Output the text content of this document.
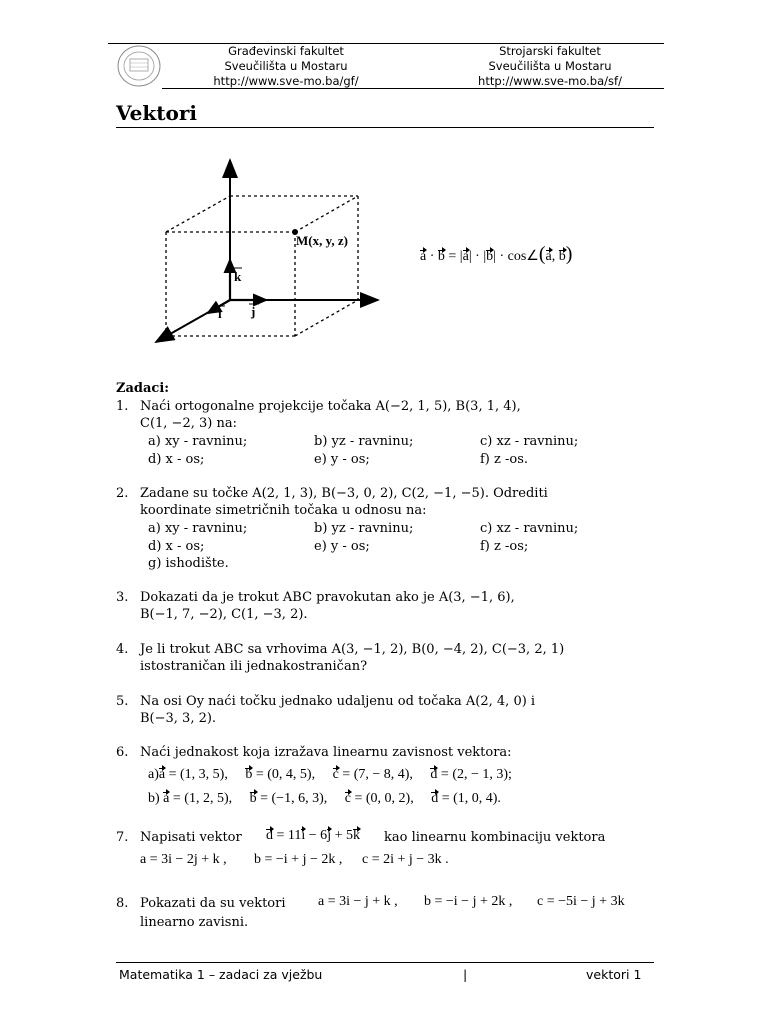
Građevinski fakultet
Sveučilišta u Mostaru
http://www.sve-mo.ba/gf/
Strojarski fakultet
Sveučilišta u Mostaru
http://www.sve-mo.ba/sf/
Vektori
M(x, y, z)
k
i j
a · b = |a| · |b| · cos∠(a, b)
Zadaci:
1. Naći ortogonalne projekcije točaka A(−2, 1, 5), B(3, 1, 4),
C(1, −2, 3) na:
a) xy - ravninu;	b) yz - ravninu;	c) xz - ravninu;
d) x - os;	e) y - os;	f) z -os.
2. Zadane su točke A(2, 1, 3), B(−3, 0, 2), C(2, −1, −5). Odrediti
koordinate simetričnih točaka u odnosu na:
a) xy - ravninu;	b) yz - ravninu;	c) xz - ravninu;
d) x - os;	e) y - os;	f) z -os;
g) ishodište.
3. Dokazati da je trokut ABC pravokutan ako je A(3, −1, 6),
B(−1, 7, −2), C(1, −3, 2).
4. Je li trokut ABC sa vrhovima A(3, −1, 2), B(0, −4, 2), C(−3, 2, 1)
istostraničan ili jednakostraničan?
5. Na osi Oy naći točku jednako udaljenu od točaka A(2, 4, 0) i
B(−3, 3, 2).
6. Naći jednakost koja izražava linearnu zavisnost vektora:
a)a = (1, 3, 5), b = (0, 4, 5), c = (7, − 8, 4), d = (2, − 1, 3);
b) a = (1, 2, 5), b = (−1, 6, 3), c = (0, 0, 2), d = (1, 0, 4).
7. Napisati vektor d = 11i − 6j + 5k kao linearnu kombinaciju vektora
a = 3i − 2j + k , b = −i + j − 2k , c = 2i + j − 3k .
8. Pokazati da su vektori a = 3i − j + k , b = −i − j + 2k , c = −5i − j + 3k
linearno zavisni.
Matematika 1 – zadaci za vježbu	|	vektori 1
